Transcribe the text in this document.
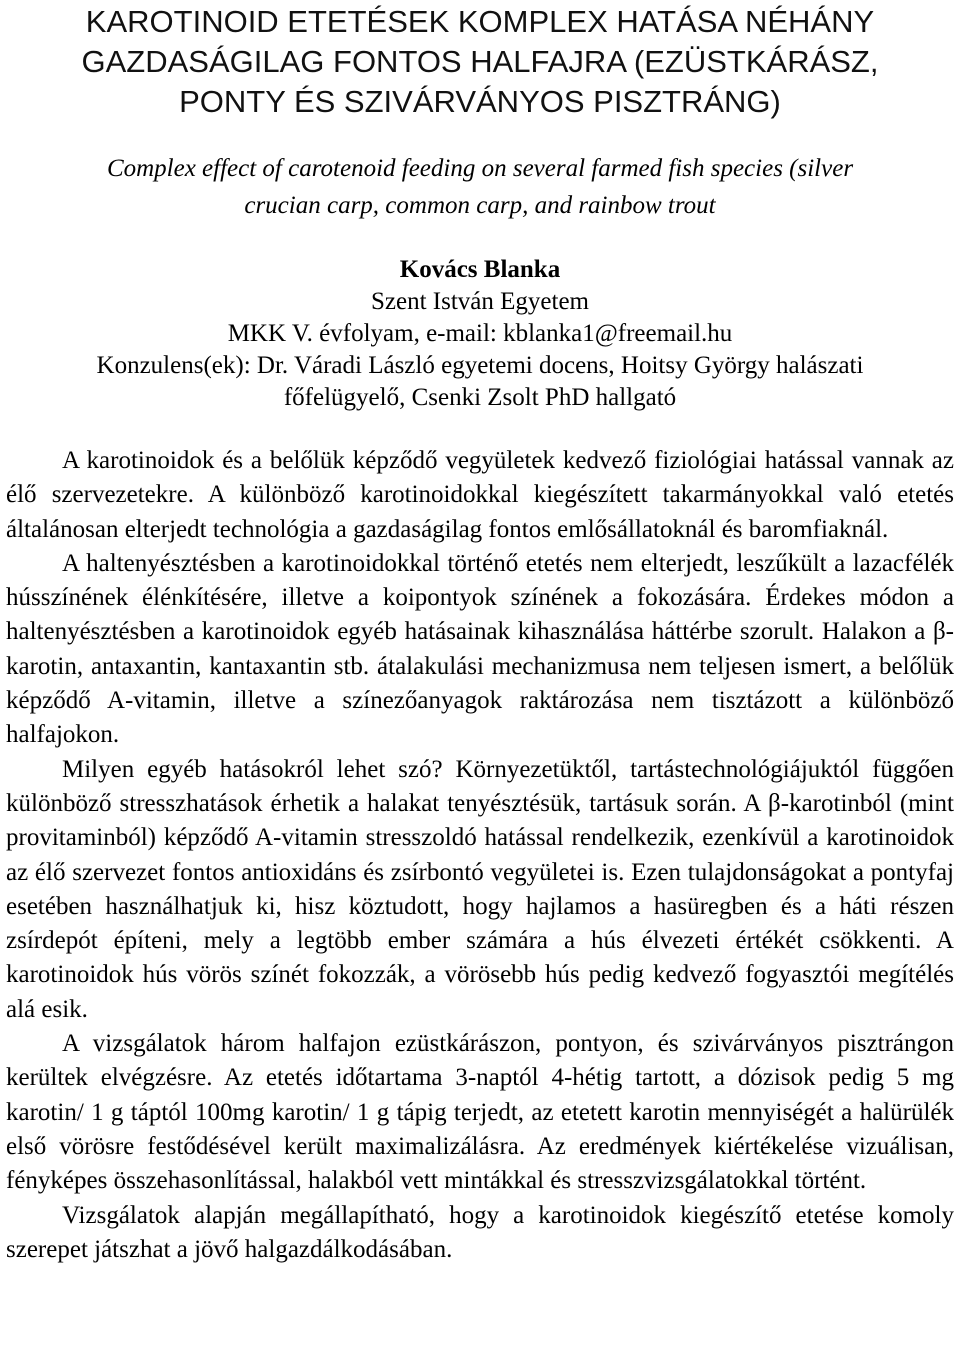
KAROTINOID ETETÉSEK KOMPLEX HATÁSA NÉHÁNY
GAZDASÁGILAG FONTOS HALFAJRA (EZÜSTKÁRÁSZ,
PONTY ÉS SZIVÁRVÁNYOS PISZTRÁNG)

Complex effect of carotenoid feeding on several farmed fish species (silver
crucian carp, common carp, and rainbow trout

Kovács Blanka
Szent István Egyetem
MKK V. évfolyam, e-mail: kblanka1@freemail.hu
Konzulens(ek): Dr. Váradi László egyetemi docens, Hoitsy György halászati
főfelügyelő, Csenki Zsolt PhD hallgató

A karotinoidok és a belőlük képződő vegyületek kedvező fiziológiai hatással vannak az élő szervezetekre. A különböző karotinoidokkal kiegészített takarmányokkal való etetés általánosan elterjedt technológia a gazdaságilag fontos emlősállatoknál és baromfiaknál.

A haltenyésztésben a karotinoidokkal történő etetés nem elterjedt, leszűkült a lazacfélék hússzínének élénkítésére, illetve a koipontyok színének a fokozására. Érdekes módon a haltenyésztésben a karotinoidok egyéb hatásainak kihasználása háttérbe szorult. Halakon a β-karotin, antaxantin, kantaxantin stb. átalakulási mechanizmusa nem teljesen ismert, a belőlük képződő A-vitamin, illetve a színezőanyagok raktározása nem tisztázott a különböző halfajokon.

Milyen egyéb hatásokról lehet szó? Környezetüktől, tartástechnológiájuktól függően különböző stresszhatások érhetik a halakat tenyésztésük, tartásuk során. A β-karotinból (mint provitaminból) képződő A-vitamin stresszoldó hatással rendelkezik, ezenkívül a karotinoidok az élő szervezet fontos antioxidáns és zsírbontó vegyületei is. Ezen tulajdonságokat a pontyfaj esetében használhatjuk ki, hisz köztudott, hogy hajlamos a hasüregben és a háti részen zsírdepót építeni, mely a legtöbb ember számára a hús élvezeti értékét csökkenti. A karotinoidok hús vörös színét fokozzák, a vörösebb hús pedig kedvező fogyasztói megítélés alá esik.

A vizsgálatok három halfajon ezüstkárászon, pontyon, és szivárványos pisztrángon kerültek elvégzésre. Az etetés időtartama 3-naptól 4-hétig tartott, a dózisok pedig 5 mg karotin/ 1 g táptól 100mg karotin/ 1 g tápig terjedt, az etetett karotin mennyiségét a halürülék első vörösre festődésével került maximalizálásra. Az eredmények kiértékelése vizuálisan, fényképes összehasonlítással, halakból vett mintákkal és stresszvizsgálatokkal történt.

Vizsgálatok alapján megállapítható, hogy a karotinoidok kiegészítő etetése komoly szerepet játszhat a jövő halgazdálkodásában.
